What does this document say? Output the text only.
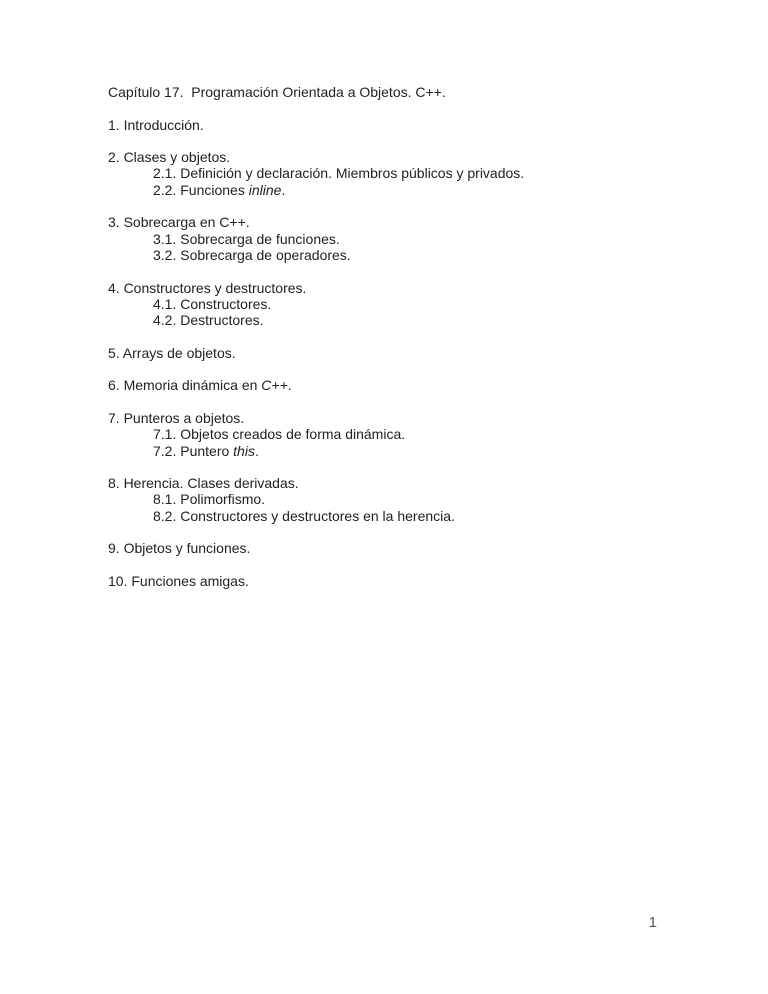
Capítulo 17.  Programación Orientada a Objetos. C++.
1. Introducción.
2. Clases y objetos.
2.1. Definición y declaración. Miembros públicos y privados.
2.2. Funciones inline.
3. Sobrecarga en C++.
3.1. Sobrecarga de funciones.
3.2. Sobrecarga de operadores.
4. Constructores y destructores.
4.1. Constructores.
4.2. Destructores.
5. Arrays de objetos.
6. Memoria dinámica en C++.
7. Punteros a objetos.
7.1. Objetos creados de forma dinámica.
7.2. Puntero this.
8. Herencia. Clases derivadas.
8.1. Polimorfismo.
8.2. Constructores y destructores en la herencia.
9. Objetos y funciones.
10. Funciones amigas.
1
